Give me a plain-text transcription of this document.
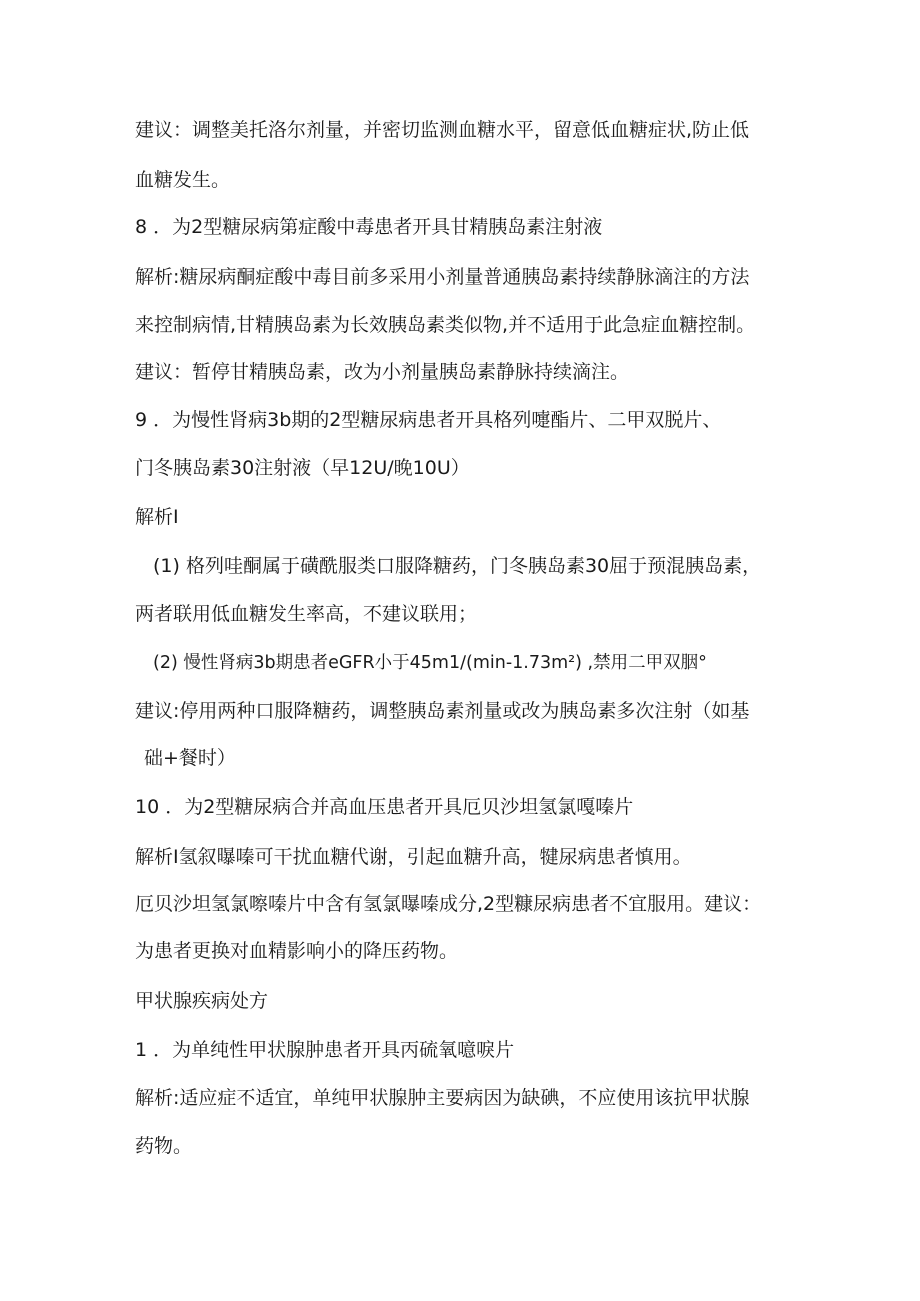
建议：调整美托洛尔剂量，并密切监测血糖水平，留意低血糖症状,防止低

血糖发生。

8 ．为2型糖尿病第症酸中毒患者开具甘精胰岛素注射液

解析:糖尿病酮症酸中毒目前多采用小剂量普通胰岛素持续静脉滴注的方法

来控制病情,甘精胰岛素为长效胰岛素类似物,并不适用于此急症血糖控制。

建议：暂停甘精胰岛素，改为小剂量胰岛素静脉持续滴注。

9 ．为慢性肾病3b期的2型糖尿病患者开具格列嚏酯片、二甲双脱片、

门冬胰岛素30注射液（早12U/晚10U）

解析I

(1) 格列哇酮属于磺酰服类口服降糖药，门冬胰岛素30屈于预混胰岛素，

两者联用低血糖发生率高，不建议联用；

(2) 慢性肾病3b期患者eGFR小于45m1∕(min-1.73m²) ,禁用二甲双胭°

建议:停用两种口服降糖药，调整胰岛素剂量或改为胰岛素多次注射（如基

础+餐时）

10 ．为2型糖尿病合并高血压患者开具厄贝沙坦氢氯嘎嗪片

解析I氢叙曝嗪可干扰血糖代谢，引起血糖升高，犍尿病患者慎用。

厄贝沙坦氢氯嚓嗪片中含有氢氯曝嗪成分,2型糠尿病患者不宜服用。建议：

为患者更换对血精影响小的降压药物。

甲状腺疾病处方

1 ．为单纯性甲状腺肿患者开具丙硫氧噫唳片

解析:适应症不适宜，单纯甲状腺肿主要病因为缺碘，不应使用该抗甲状腺

药物。
